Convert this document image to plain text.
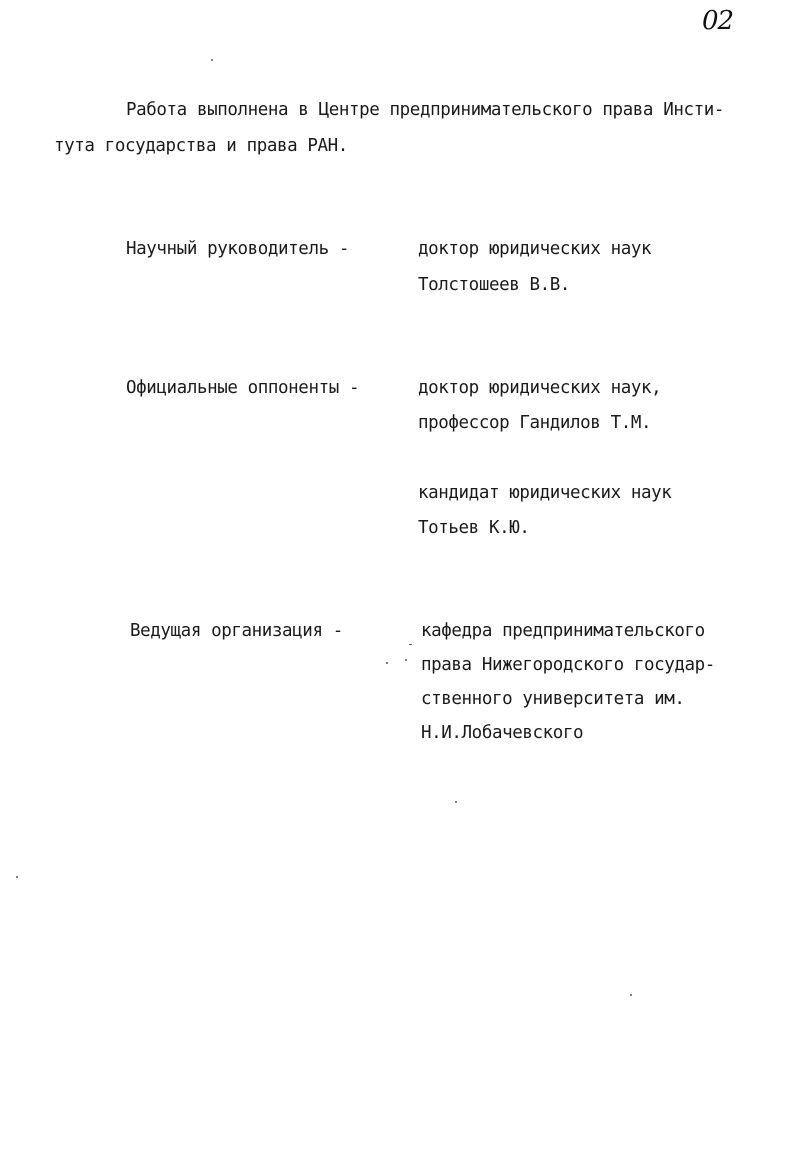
02
Работа выполнена в Центре предпринимательского права Инсти-
тута государства и права РАН.
Научный руководитель -	доктор юридических наук
Толстошеев В.В.
Официальные оппоненты -	доктор юридических наук,
профессор Гандилов Т.М.
кандидат юридических наук
Тотьев К.Ю.
Ведущая организация -	кафедра предпринимательского
права Нижегородского государ-
ственного университета им.
Н.И.Лобачевского
